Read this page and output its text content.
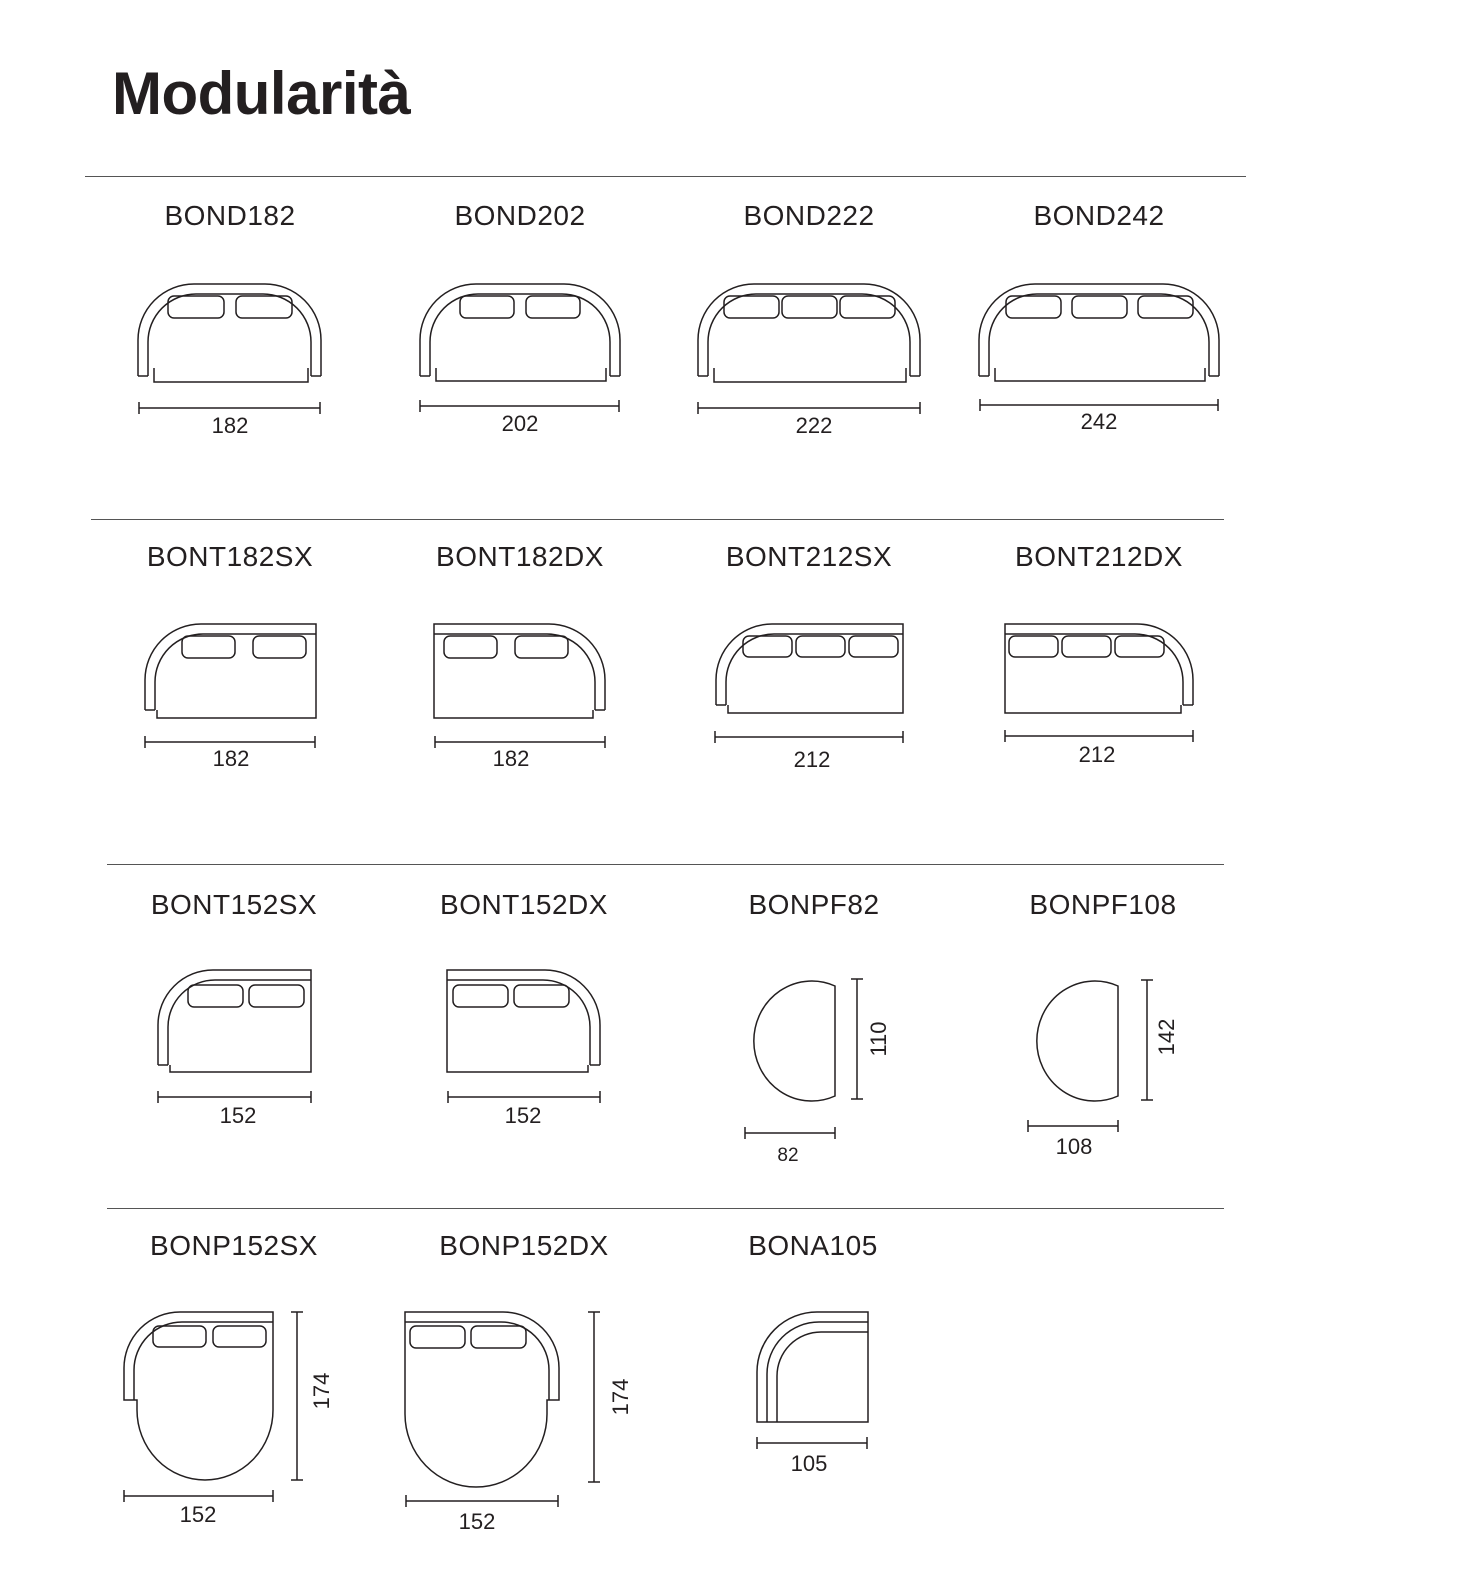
Modularità
BOND182	BOND202	BOND222	BOND242
BONT182SX	BONT182DX	BONT212SX	BONT212DX
BONT152SX	BONT152DX	BONPF82	BONPF108
BONP152SX	BONP152DX	BONA105
182	202	222	242
182	182	212	212
152	152
82	108
110	142
152	152
105
174	174
